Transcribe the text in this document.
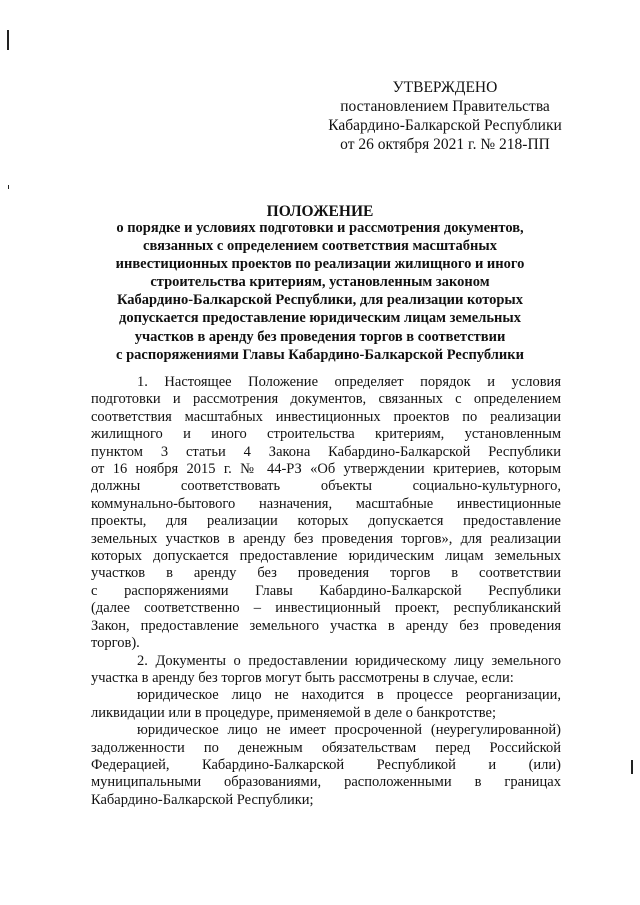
УТВЕРЖДЕНО
постановлением Правительства
Кабардино-Балкарской Республики
от 26 октября 2021 г. № 218-ПП
ПОЛОЖЕНИЕ
о порядке и условиях подготовки и рассмотрения документов,
связанных с определением соответствия масштабных
инвестиционных проектов по реализации жилищного и иного
строительства критериям, установленным законом
Кабардино-Балкарской Республики, для реализации которых
допускается предоставление юридическим лицам земельных
участков в аренду без проведения торгов в соответствии
с распоряжениями Главы Кабардино-Балкарской Республики
1. Настоящее Положение определяет порядок и условия
подготовки и рассмотрения документов, связанных с определением
соответствия масштабных инвестиционных проектов по реализации
жилищного и иного строительства критериям, установленным
пунктом 3 статьи 4 Закона Кабардино-Балкарской Республики
от 16 ноября 2015 г. № 44-РЗ «Об утверждении критериев, которым
должны соответствовать объекты социально-культурного,
коммунально-бытового назначения, масштабные инвестиционные
проекты, для реализации которых допускается предоставление
земельных участков в аренду без проведения торгов», для реализации
которых допускается предоставление юридическим лицам земельных
участков в аренду без проведения торгов в соответствии
с распоряжениями Главы Кабардино-Балкарской Республики
(далее соответственно – инвестиционный проект, республиканский
Закон, предоставление земельного участка в аренду без проведения
торгов).
2. Документы о предоставлении юридическому лицу земельного
участка в аренду без торгов могут быть рассмотрены в случае, если:
юридическое лицо не находится в процессе реорганизации,
ликвидации или в процедуре, применяемой в деле о банкротстве;
юридическое лицо не имеет просроченной (неурегулированной)
задолженности по денежным обязательствам перед Российской
Федерацией, Кабардино-Балкарской Республикой и (или)
муниципальными образованиями, расположенными в границах
Кабардино-Балкарской Республики;
